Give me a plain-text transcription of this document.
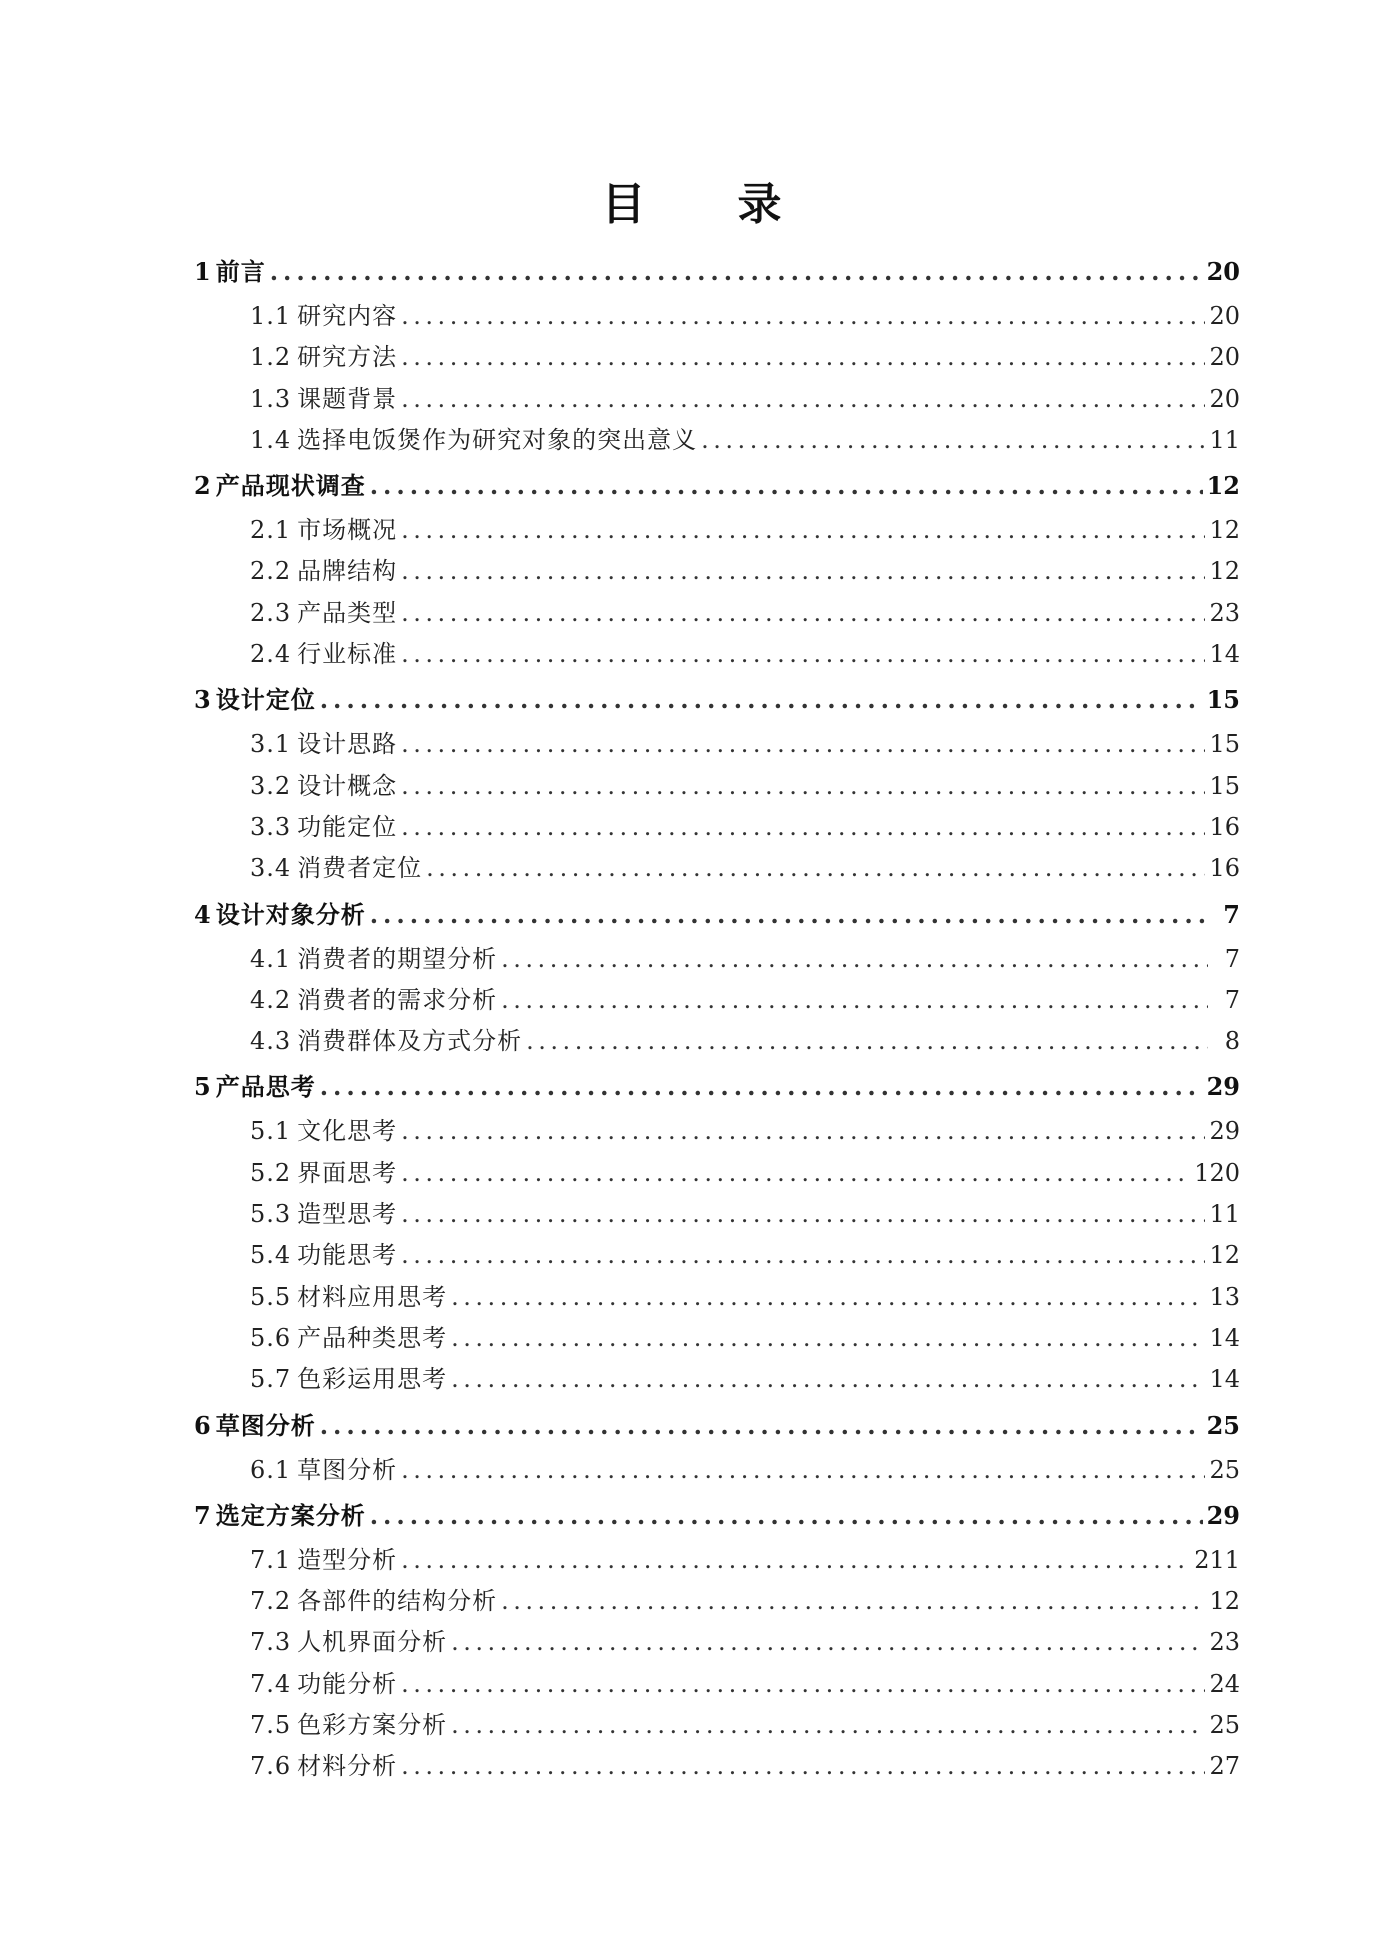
目 录
1 前言 .....	20
1.1 研究内容 .....	20
1.2 研究方法 .....	20
1.3 课题背景 .....	20
1.4 选择电饭煲作为研究对象的突出意义 .....	11
2 产品现状调查 .....	12
2.1 市场概况 .....	12
2.2 品牌结构 .....	12
2.3 产品类型 .....	23
2.4 行业标准 .....	14
3 设计定位 .....	15
3.1 设计思路 .....	15
3.2 设计概念 .....	15
3.3 功能定位 .....	16
3.4 消费者定位 .....	16
4 设计对象分析 .....	7
4.1 消费者的期望分析 .....	7
4.2 消费者的需求分析 .....	7
4.3 消费群体及方式分析 .....	8
5 产品思考 .....	29
5.1 文化思考 .....	29
5.2 界面思考 .....	120
5.3 造型思考 .....	11
5.4 功能思考 .....	12
5.5 材料应用思考 .....	13
5.6 产品种类思考 .....	14
5.7 色彩运用思考 .....	14
6 草图分析 .....	25
6.1 草图分析 .....	25
7 选定方案分析 .....	29
7.1 造型分析 .....	211
7.2 各部件的结构分析 .....	12
7.3 人机界面分析 .....	23
7.4 功能分析 .....	24
7.5 色彩方案分析 .....	25
7.6 材料分析 .....	27
